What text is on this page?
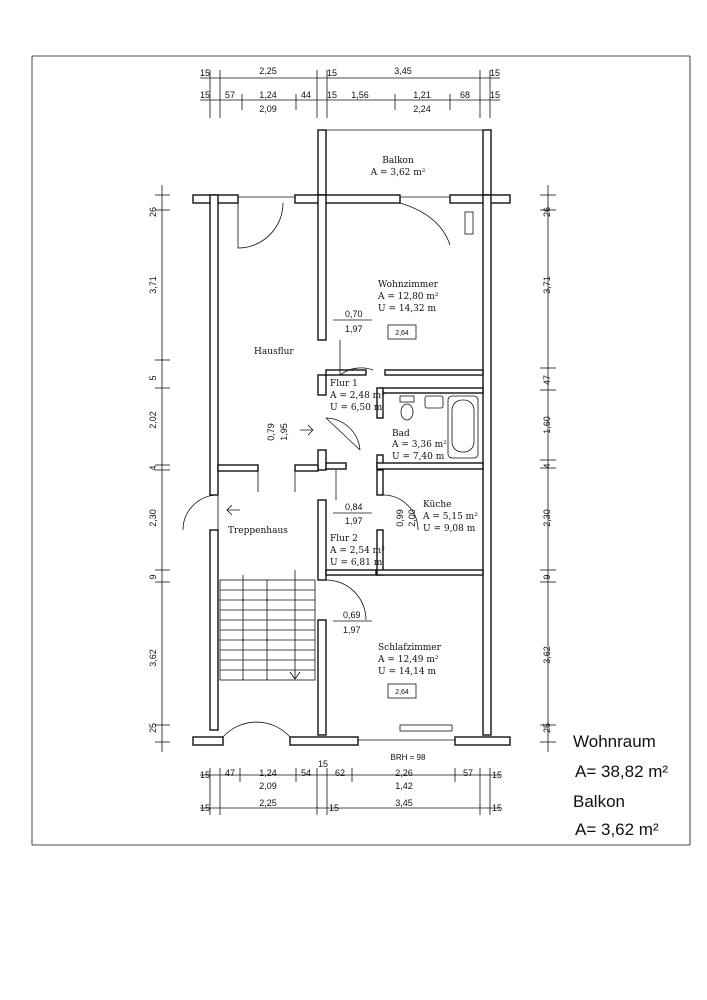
15	2,25	15	3,45	15
15 57	1,24	44 15 1,56	1,21	68 15
2,09	2,24
26
3,71
5
2,02
4
2,30
9
3,62
25
26
3,71
47
1,60
4
2,30
9
3,62
25
Balkon
A = 3,62 m²
Wohnzimmer
A = 12,80 m²
U = 14,32 m
0,70
1,97	2,64
Hausflur
0,79 1,95
Flur 1
A = 2,48 m²
U = 6,50 m
Bad
A = 3,36 m²
U = 7,40 m
0,84
1,97	0,99 2,00
Küche
A = 5,15 m²
U = 9,08 m
Treppenhaus
Flur 2
A = 2,54 m²
U = 6,81 m
0,69
1,97
Schlafzimmer
A = 12,49 m²
U = 14,14 m
2,64
BRH = 98
15 47	1,24	54
15
62	2,26	57 15
2,09	1,42
15	2,25	15	3,45	15
Wohnraum
A= 38,82 m²
Balkon
A= 3,62 m²
